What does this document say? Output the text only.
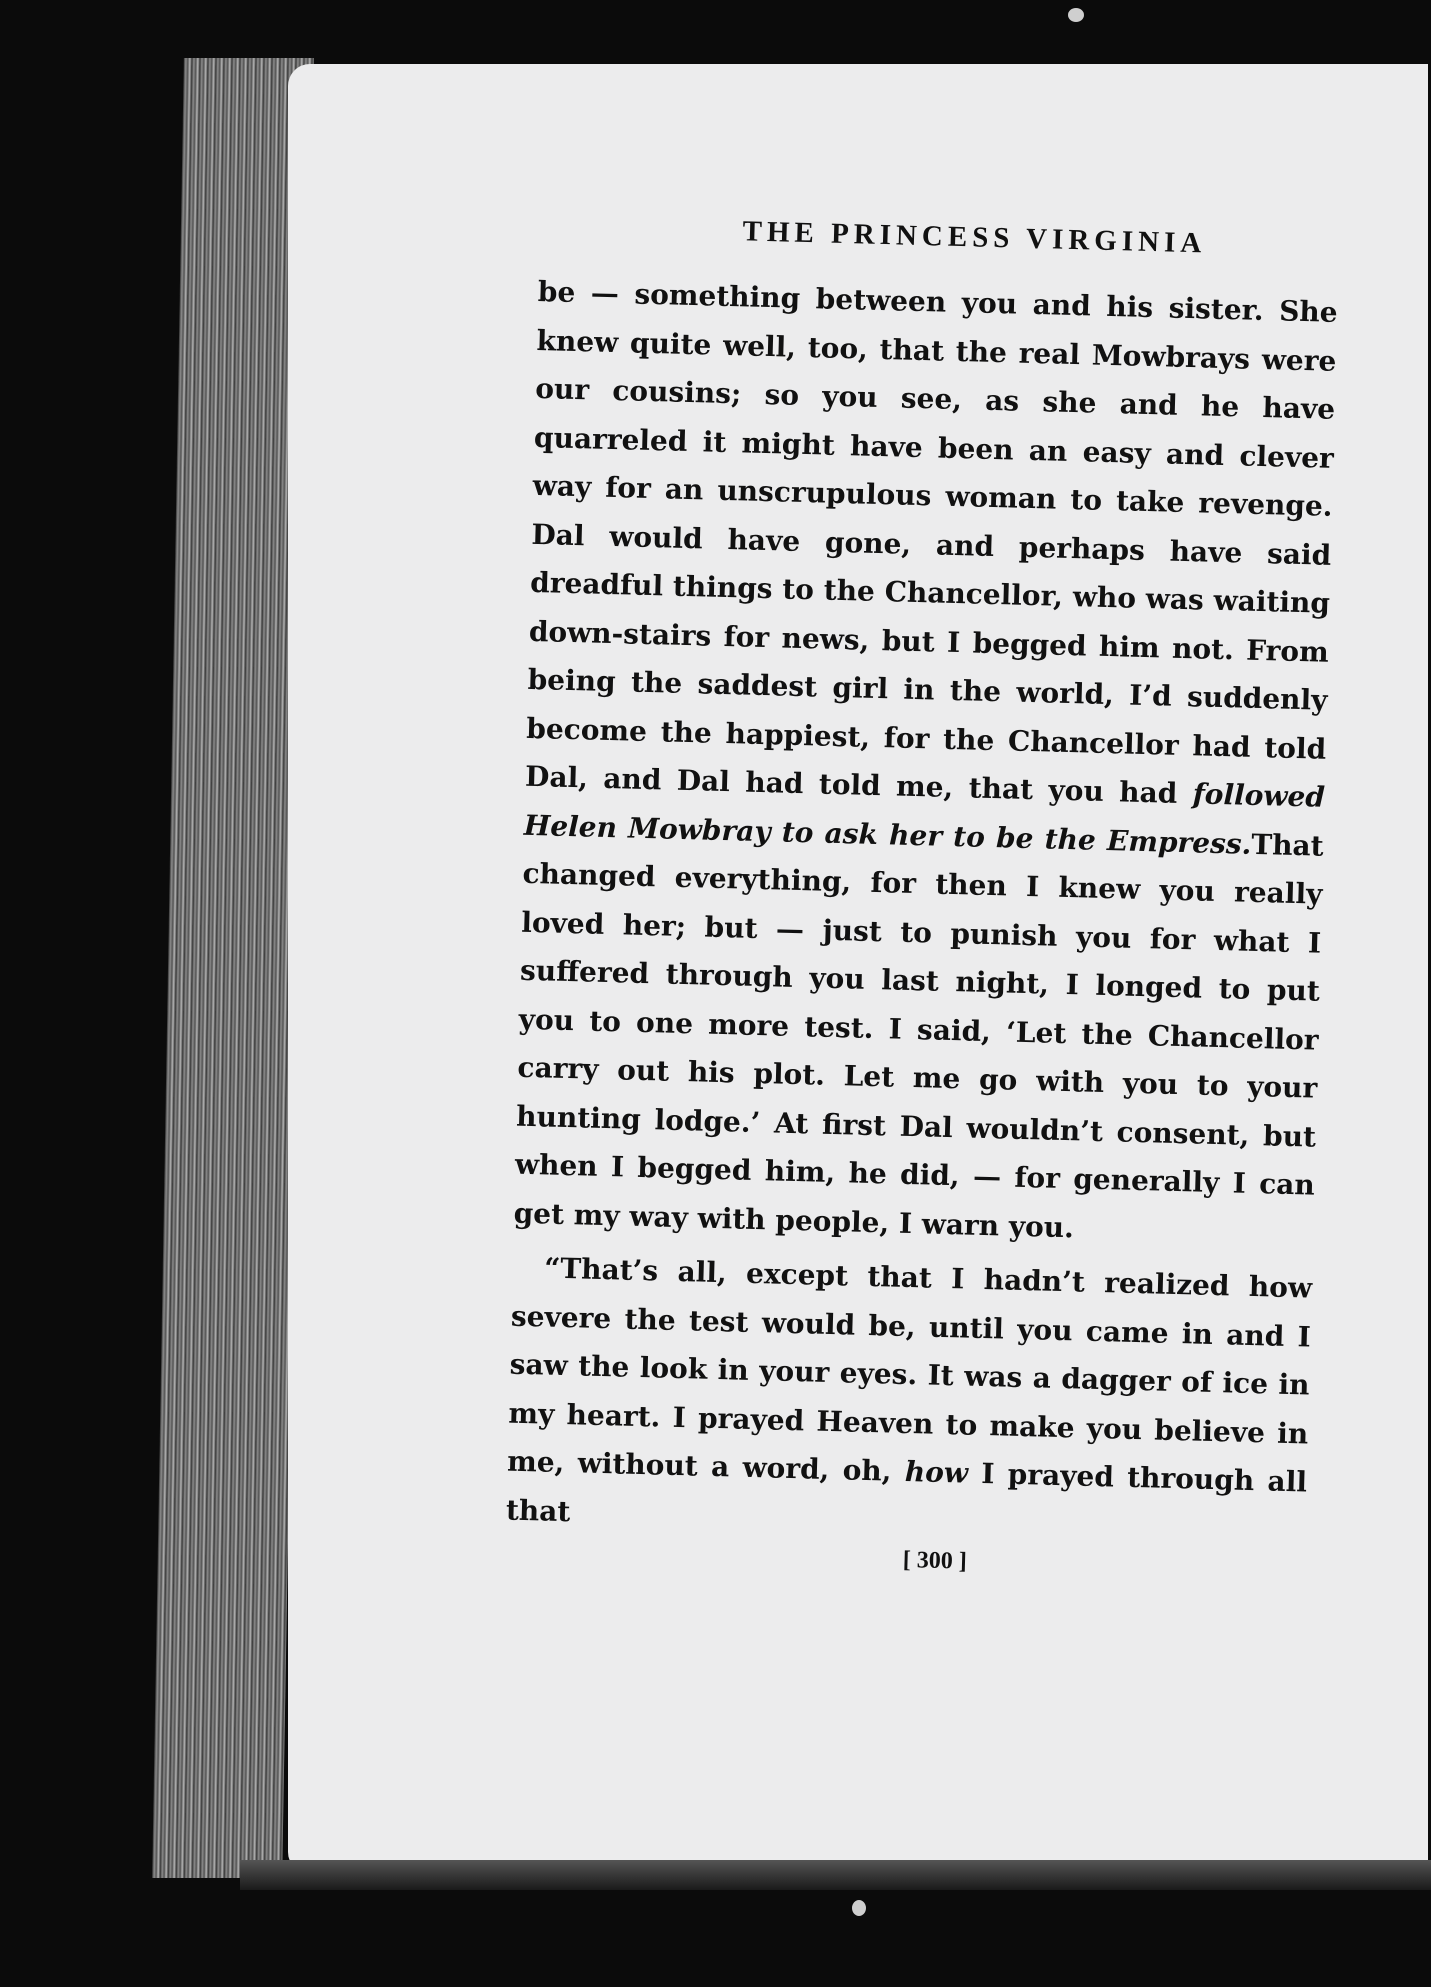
THE PRINCESS VIRGINIA

be — something between you and his sister. She knew quite well, too, that the real Mowbrays were our cousins; so you see, as she and he have quarreled it might have been an easy and clever way for an unscrupulous woman to take revenge. Dal would have gone, and perhaps have said dreadful things to the Chancellor, who was waiting down-stairs for news, but I begged him not. From being the saddest girl in the world, I’d suddenly become the happiest, for the Chancellor had told Dal, and Dal had told me, that you had followed Helen Mowbray to ask her to be the Empress.That changed everything, for then I knew you really loved her; but — just to punish you for what I suffered through you last night, I longed to put you to one more test. I said, ‘Let the Chancellor carry out his plot. Let me go with you to your hunting lodge.’ At first Dal wouldn’t consent, but when I begged him, he did, — for generally I can get my way with people, I warn you.

“That’s all, except that I hadn’t realized how severe the test would be, until you came in and I saw the look in your eyes. It was a dagger of ice in my heart. I prayed Heaven to make you believe in me, without a word, oh, how I prayed through all that

[ 300 ]
